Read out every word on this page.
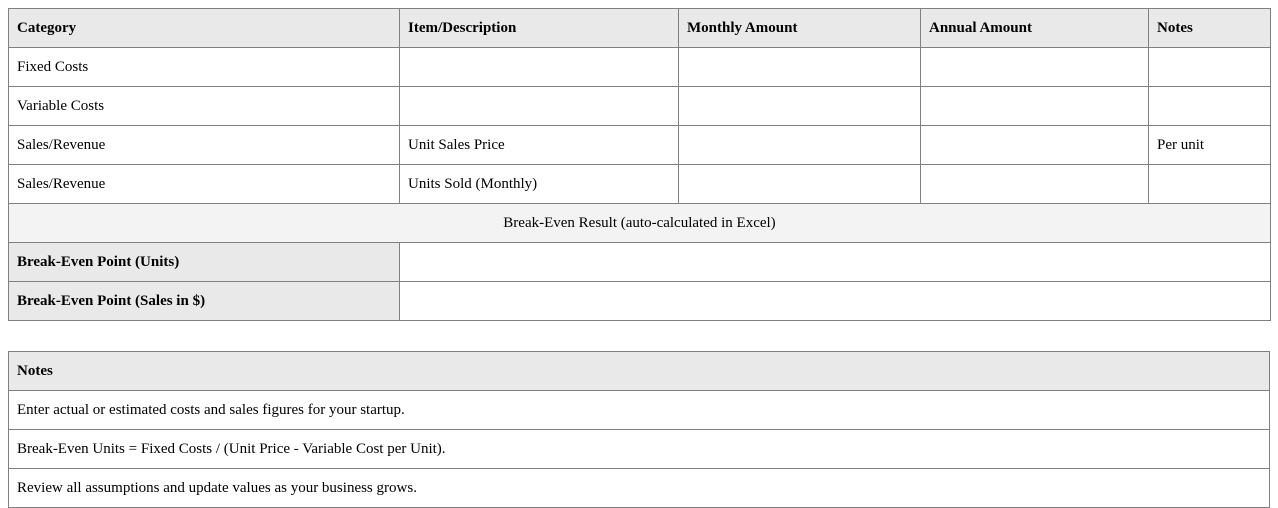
Category	Item/Description	Monthly Amount	Annual Amount	Notes
Fixed Costs				
Variable Costs				
Sales/Revenue	Unit Sales Price			Per unit
Sales/Revenue	Units Sold (Monthly)			
Break-Even Result (auto-calculated in Excel)				
Break-Even Point (Units)				
Break-Even Point (Sales in $)				
Notes
Enter actual or estimated costs and sales figures for your startup.
Break-Even Units = Fixed Costs / (Unit Price - Variable Cost per Unit).
Review all assumptions and update values as your business grows.
